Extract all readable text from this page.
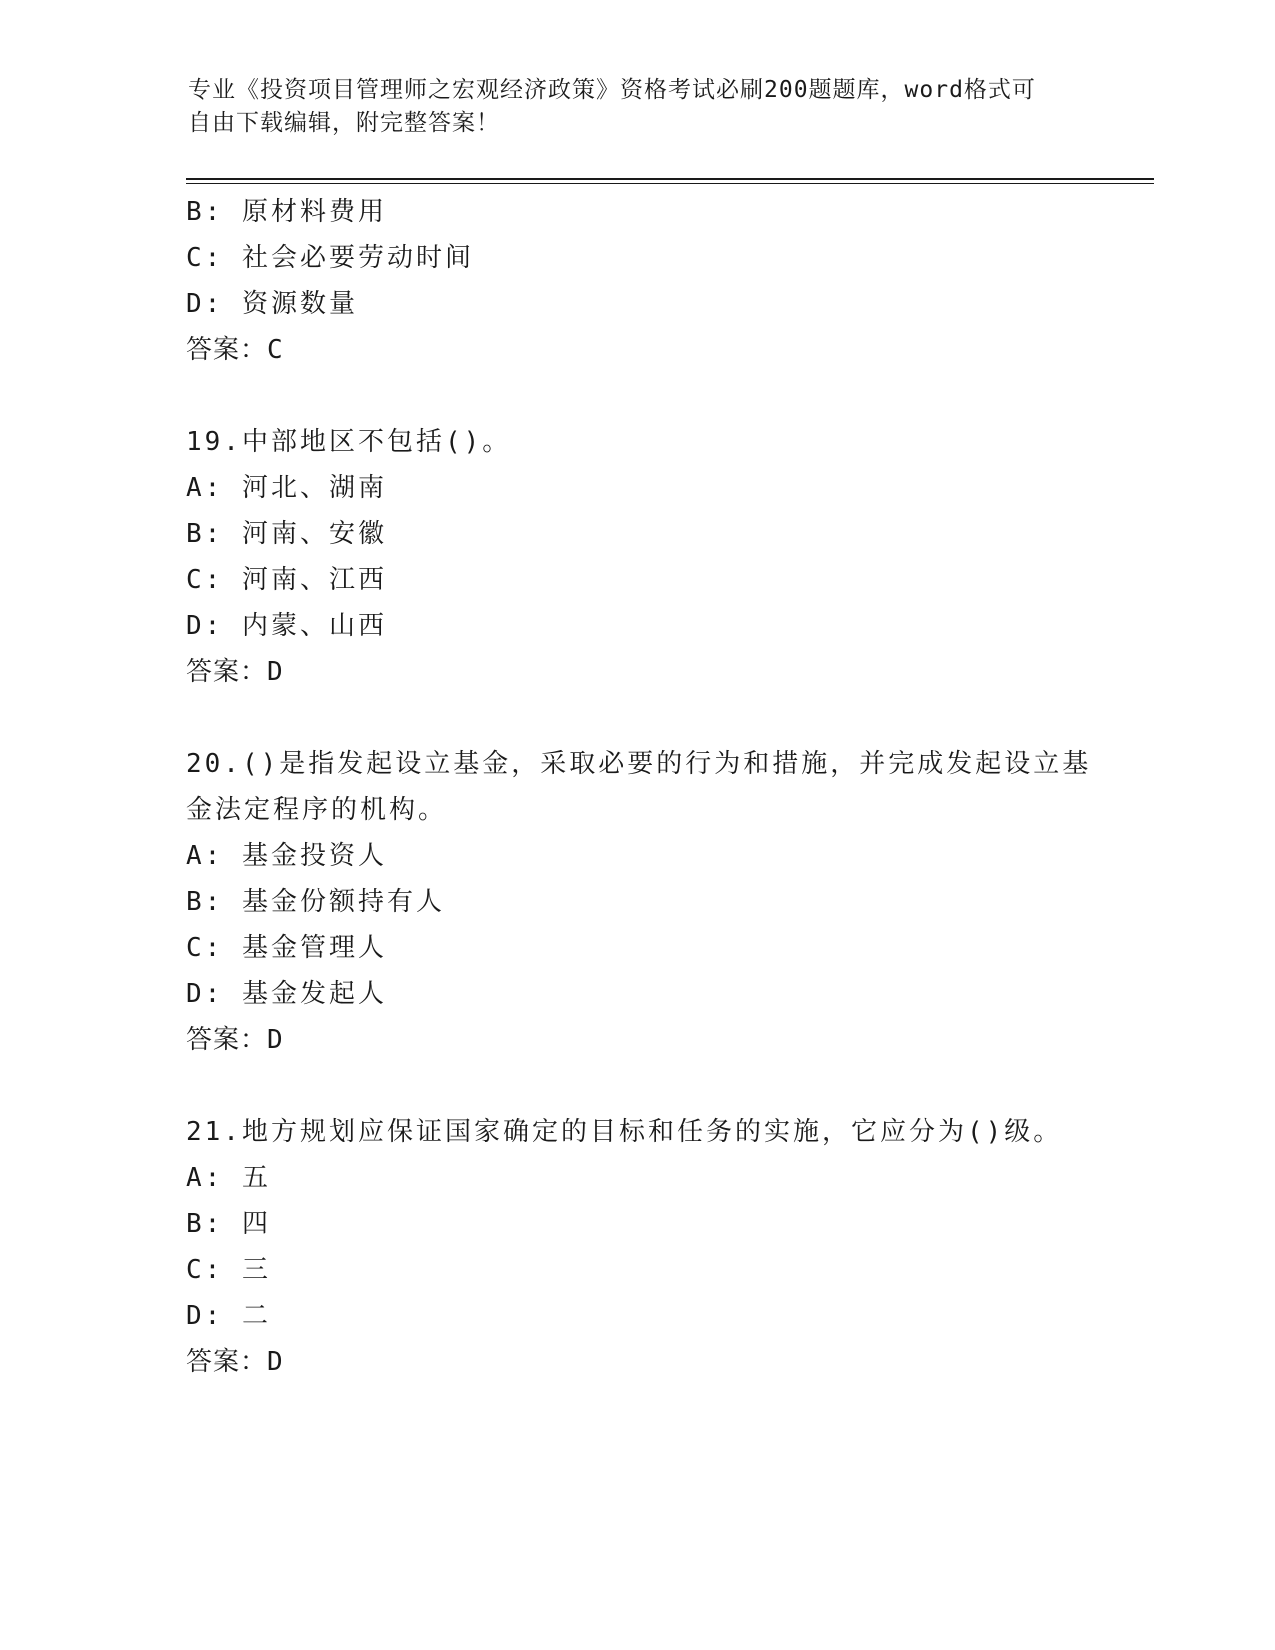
专业《投资项目管理师之宏观经济政策》资格考试必刷200题题库，word格式可
自由下载编辑，附完整答案！
B: 原材料费用
C: 社会必要劳动时间
D: 资源数量
答案：C
19.中部地区不包括()。
A: 河北、湖南
B: 河南、安徽
C: 河南、江西
D: 内蒙、山西
答案：D
20.()是指发起设立基金，采取必要的行为和措施，并完成发起设立基
金法定程序的机构。
A: 基金投资人
B: 基金份额持有人
C: 基金管理人
D: 基金发起人
答案：D
21.地方规划应保证国家确定的目标和任务的实施，它应分为()级。
A: 五
B: 四
C: 三
D: 二
答案：D
